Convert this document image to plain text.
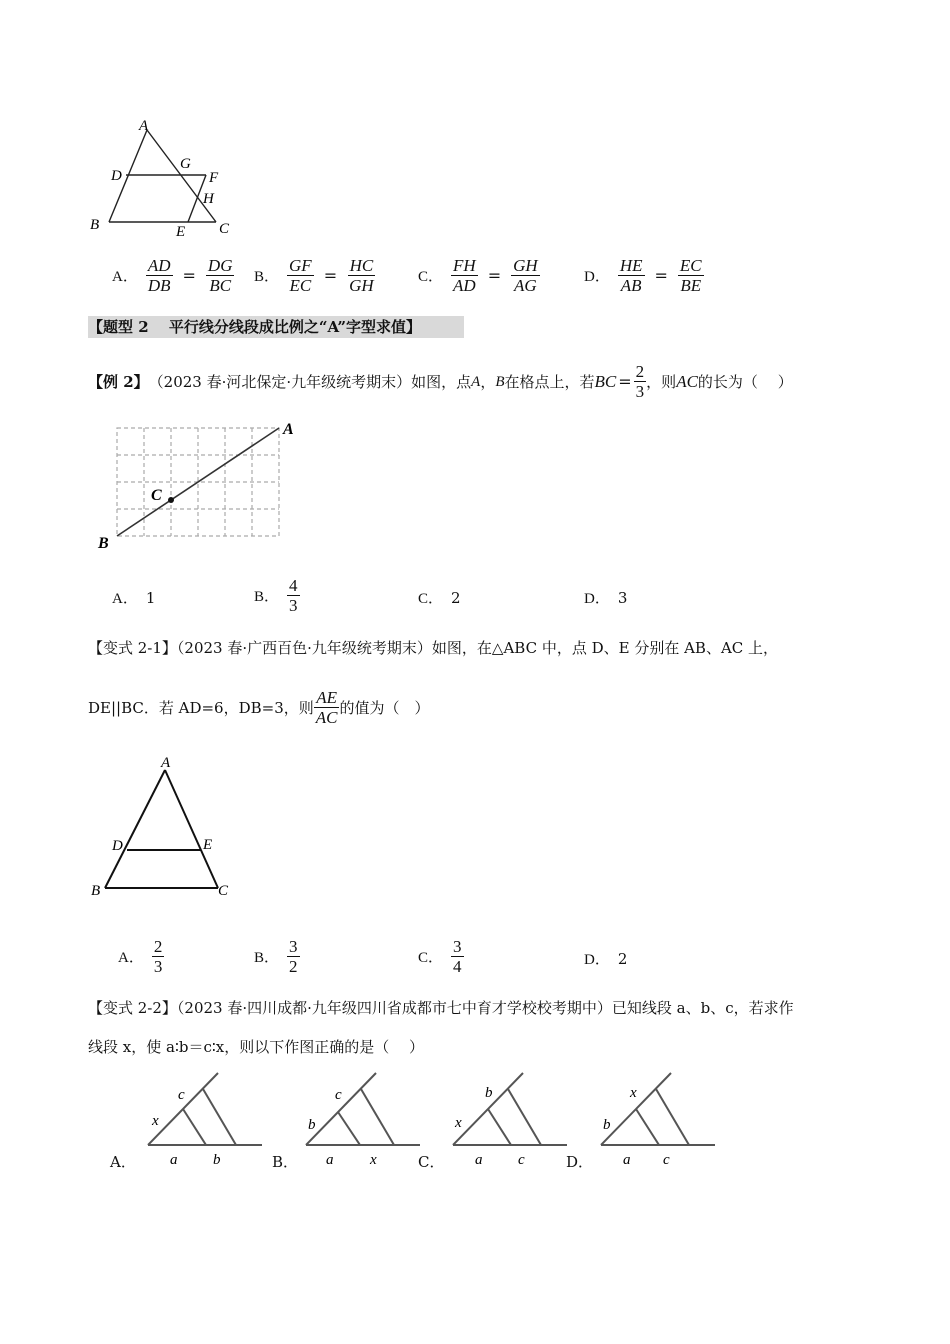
A
D
G
F
H
B	E C
A． $\frac{AD}{DB} = \frac{DG}{BC}$ B． $\frac{GF}{EC} = \frac{HC}{GH}$	C． $\frac{FH}{AD} = \frac{GH}{AG}$	D． $\frac{HE}{AB} = \frac{EC}{BE}$
【题型 2　 平行线分线段成比例之“A”字型求值】
【例 2】 （2023 春·河北保定·九年级统考期末）如图，点 A ， B 在格点上，若 BC = $\frac{2}{3}$ ，则 AC 的长为（　 ）
A
B
C
A． 1	B． $\frac{4}{3}$	C． 2	D． 3
【变式 2-1】（2023 春·广西百色·九年级统考期末）如图，在△ABC 中，点 D、E 分别在 AB、AC 上，
DE||BC．若 AD=6，DB=3，则 $\frac{AE}{AC}$ 的值为（　）
A
D	E
B	C
A． $\frac{2}{3}$	B． $\frac{3}{2}$	C． $\frac{3}{4}$	D． 2
【变式 2-2】（2023 春·四川成都·九年级四川省成都市七中育才学校校考期中）已知线段 a、b、c，若求作
线段 x，使 a∶b＝c∶x，则以下作图正确的是（　 ）
A．
x
c
a b	B．
b
c
a x	C．
x
b
a c	D．
b
x
a c
